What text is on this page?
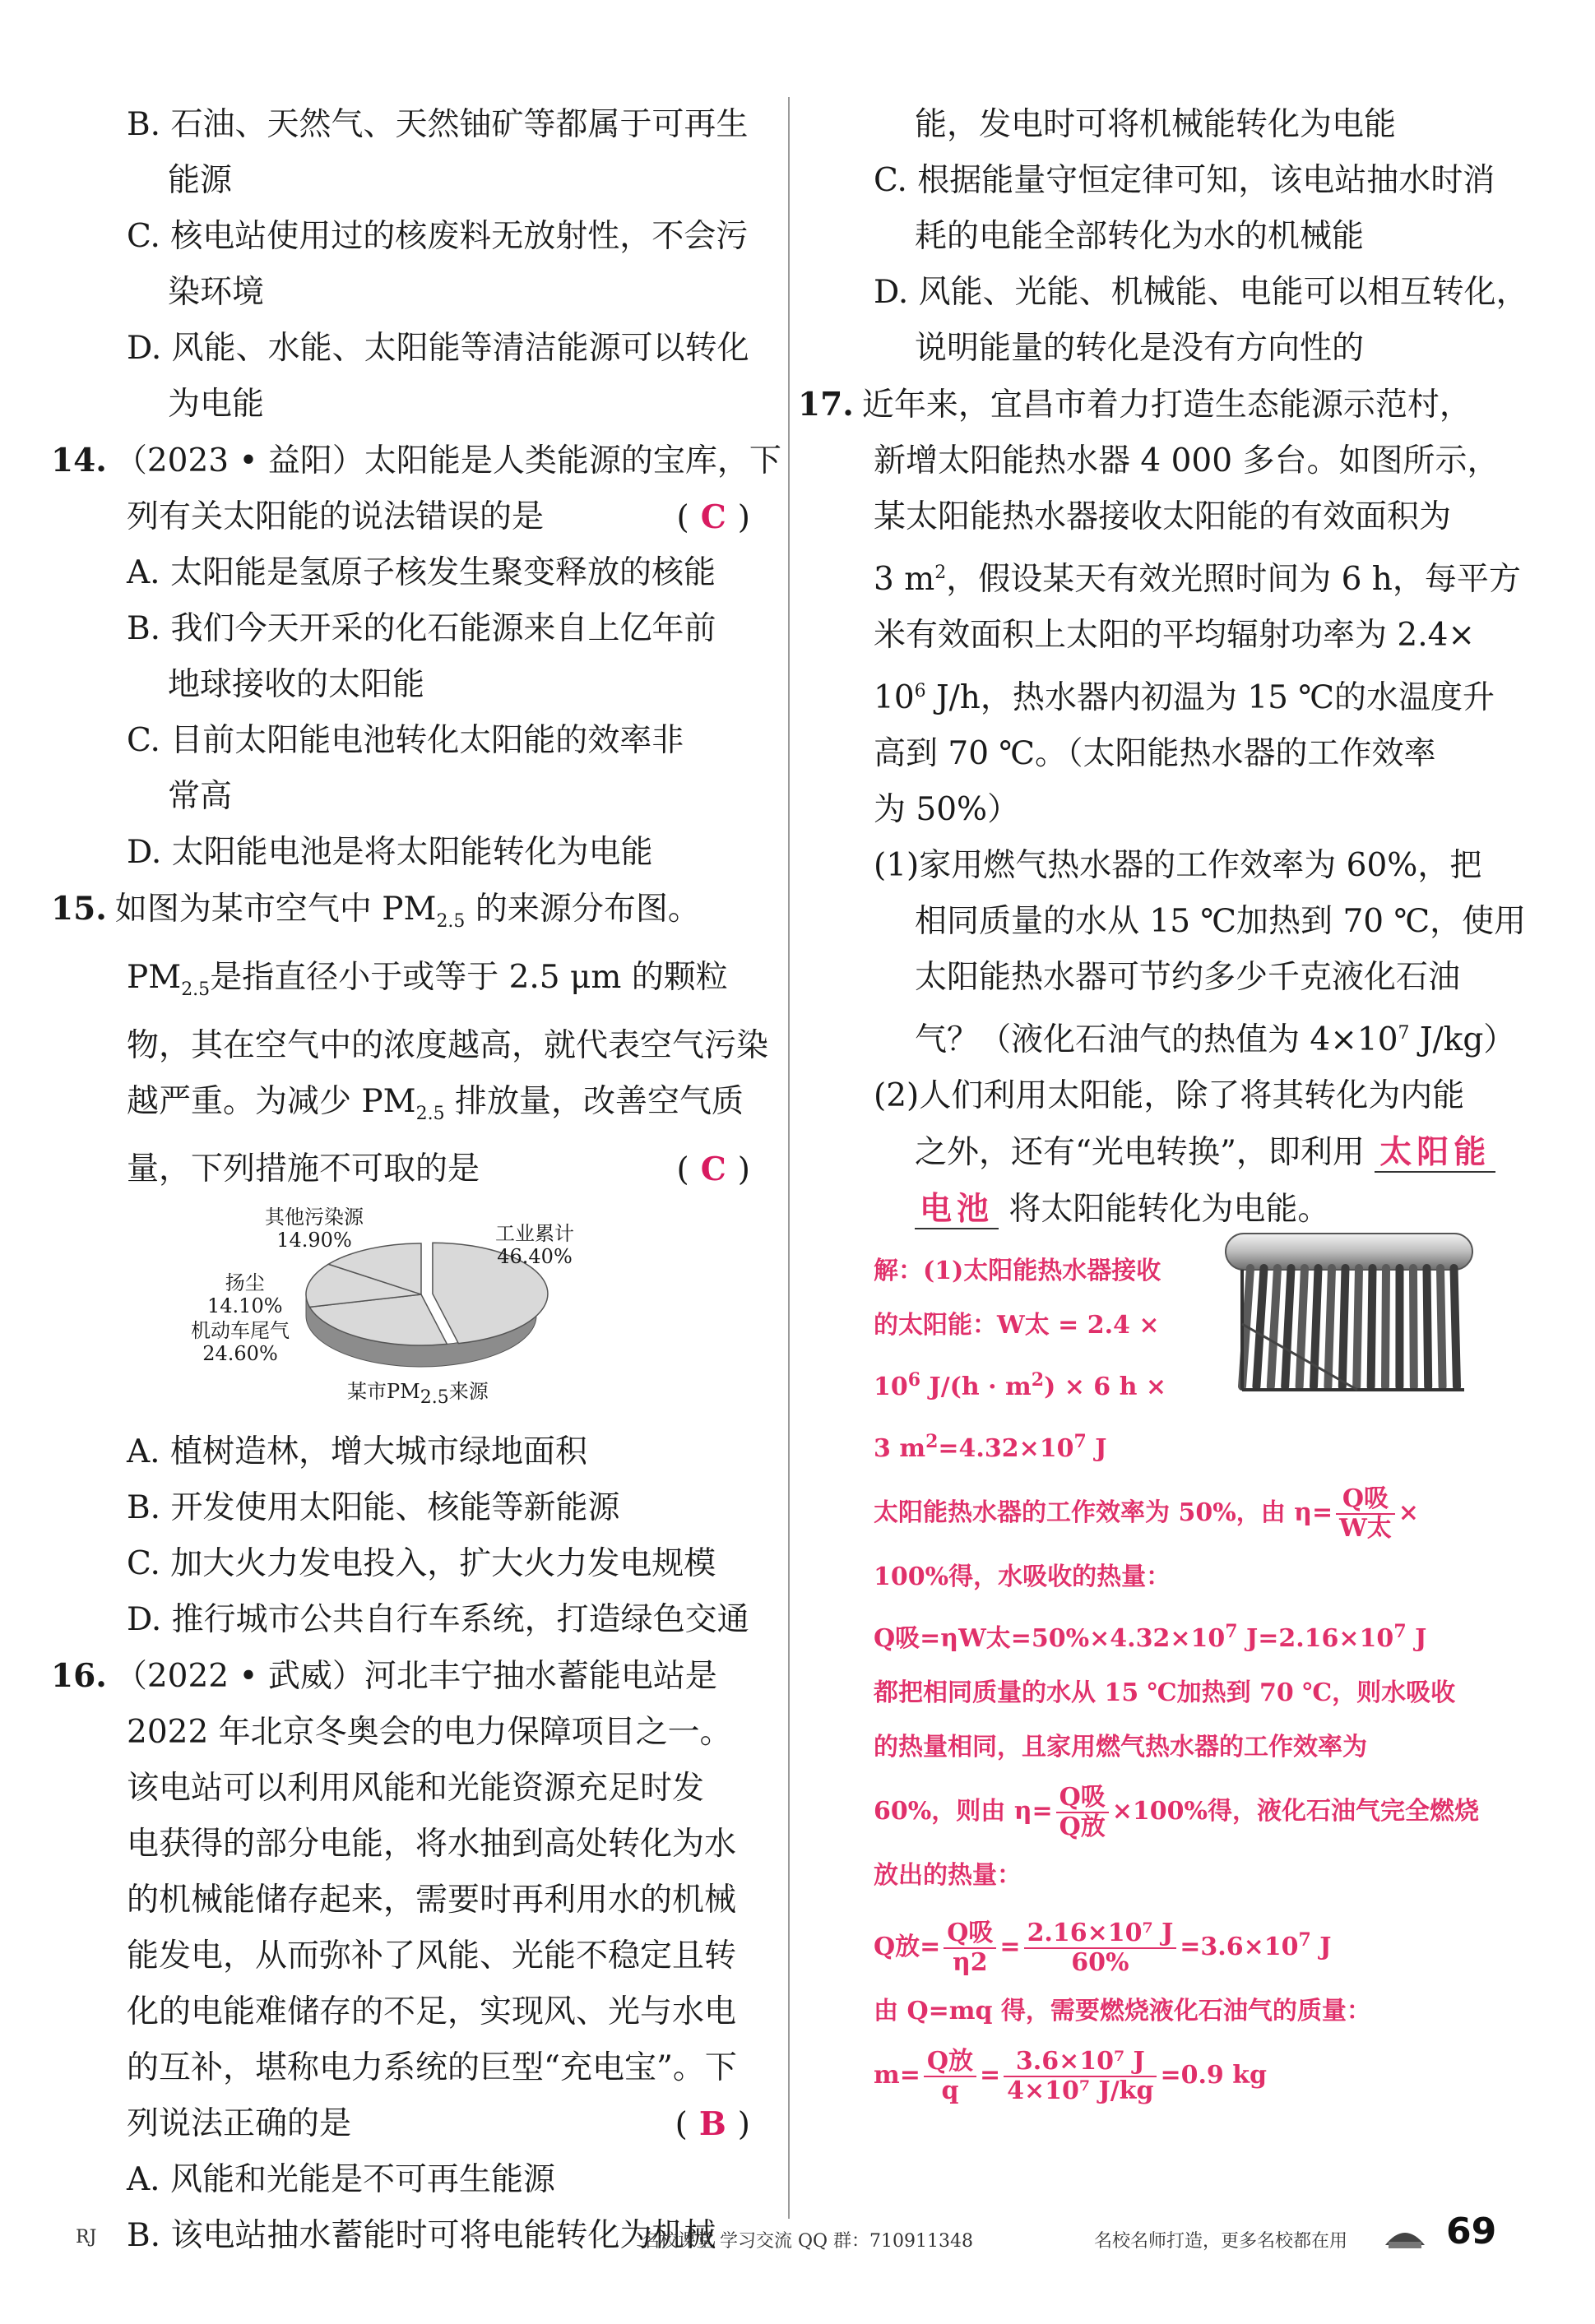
B. 石油、天然气、天然铀矿等都属于可再生
能源
C. 核电站使用过的核废料无放射性，不会污
染环境
D. 风能、水能、太阳能等清洁能源可以转化
为电能
14. （2023 • 益阳）太阳能是人类能源的宝库，下
列有关太阳能的说法错误的是	( C )
A. 太阳能是氢原子核发生聚变释放的核能
B. 我们今天开采的化石能源来自上亿年前
地球接收的太阳能
C. 目前太阳能电池转化太阳能的效率非
常高
D. 太阳能电池是将太阳能转化为电能
15. 如图为某市空气中 $PM_{2.5}$ 的来源分布图。
$PM_{2.5}$是指直径小于或等于 2.5 μm 的颗粒
物，其在空气中的浓度越高，就代表空气污染
越严重。为减少 $PM_{2.5}$ 排放量，改善空气质
量，下列措施不可取的是	( C )
其他污染源
14.90%	工业累计
46.40%
扬尘
14.10%
机动车尾气
24.60%
某市$PM_{2.5}$来源
A. 植树造林，增大城市绿地面积
B. 开发使用太阳能、核能等新能源
C. 加大火力发电投入，扩大火力发电规模
D. 推行城市公共自行车系统，打造绿色交通
16. （2022 • 武威）河北丰宁抽水蓄能电站是
2022 年北京冬奥会的电力保障项目之一。
该电站可以利用风能和光能资源充足时发
电获得的部分电能，将水抽到高处转化为水
的机械能储存起来，需要时再利用水的机械
能发电，从而弥补了风能、光能不稳定且转
化的电能难储存的不足，实现风、光与水电
的互补，堪称电力系统的巨型“充电宝”。下
列说法正确的是	( B )
A. 风能和光能是不可再生能源
B. 该电站抽水蓄能时可将电能转化为机械
能，发电时可将机械能转化为电能
C. 根据能量守恒定律可知，该电站抽水时消
耗的电能全部转化为水的机械能
D. 风能、光能、机械能、电能可以相互转化，
说明能量的转化是没有方向性的
17. 近年来，宜昌市着力打造生态能源示范村，
新增太阳能热水器 4 000 多台。如图所示，
某太阳能热水器接收太阳能的有效面积为
3 $m^2$，假设某天有效光照时间为 6 h，每平方
米有效面积上太阳的平均辐射功率为 2.4×
$10^6$ J/h，热水器内初温为 15 ℃的水温度升
高到 70 ℃。（太阳能热水器的工作效率
为 50%）
(1)家用燃气热水器的工作效率为 60%，把
相同质量的水从 15 ℃加热到 70 ℃，使用
太阳能热水器可节约多少千克液化石油
气？（液化石油气的热值为 $4\times 10^7$ J/kg）
(2)人们利用太阳能，除了将其转化为内能
之外，还有“光电转换”，即利用 太阳能
电池 将太阳能转化为电能。
解：(1)太阳能热水器接收
的太阳能：W太 = 2.4 ×
$10^6$ $J/(h \cdot m^2) \times 6$ h ×
3 $m^2=4.32\times 10^7$ J
太阳能热水器的工作效率为 50%，由 $\eta= \frac{\text{Q吸}}{\text{W太}}$ ×
100%得，水吸收的热量：
Q吸=ηW太$=50\%\times 4.32\times 10^7$ $J=2.16\times 10^7$ J
都把相同质量的水从 15 ℃加热到 70 ℃，则水吸收
的热量相同，且家用燃气热水器的工作效率为
60%，则由 $\eta= \frac{\text{Q吸}}{\text{Q放}} \times 100\%$得，液化石油气完全燃烧
放出的热量：
Q放= $\frac{\text{Q吸}}{\eta 2} = \frac{\text{2.16×10⁷ J}}{60\%} =3.6\times 10^7$ J
由 Q=mq 得，需要燃烧液化石油气的质量：
$m= \frac{\text{Q放}}{q} = \frac{\text{3.6×10⁷ J}}{\text{4×10⁷ J/kg}} =0.9$ kg
RJ	名校课堂 学习交流 QQ 群：710911348	名校名师打造，更多名校都在用	69
